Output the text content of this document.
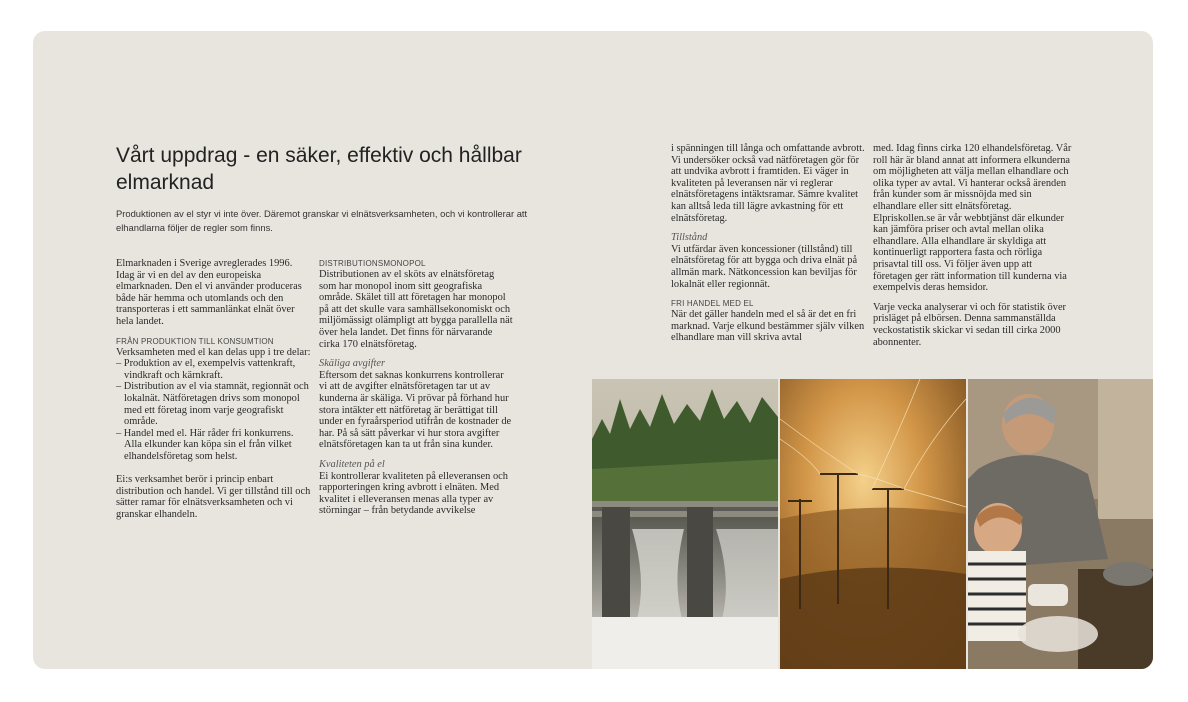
Vårt uppdrag - en säker, effektiv och hållbar elmarknad

Produktionen av el styr vi inte över. Däremot granskar vi elnätsverksamheten, och vi kontrollerar att elhandlarna följer de regler som finns.

Elmarknaden i Sverige avreglerades 1996. Idag är vi en del av den europeiska elmarknaden. Den el vi använder produceras både här hemma och utomlands och den transporteras i ett sammanlänkat elnät över hela landet.

FRÅN PRODUKTION TILL KONSUMTION

Verksamheten med el kan delas upp i tre delar:

– Produktion av el, exempelvis vattenkraft, vindkraft och kärnkraft.
– Distribution av el via stamnät, regionnät och lokalnät. Nätföretagen drivs som monopol med ett företag inom varje geografiskt område.
– Handel med el. Här råder fri konkurrens. Alla elkunder kan köpa sin el från vilket elhandelsföretag som helst.

Ei:s verksamhet berör i princip enbart distribution och handel. Vi ger tillstånd till och sätter ramar för elnätsverksamheten och vi granskar elhandeln.

DISTRIBUTIONSMONOPOL

Distributionen av el sköts av elnätsföretag som har monopol inom sitt geografiska område. Skälet till att företagen har monopol på att det skulle vara samhällsekonomiskt och miljömässigt olämpligt att bygga parallella nät över hela landet. Det finns för närvarande cirka 170 elnätsföretag.

Skäliga avgifter

Eftersom det saknas konkurrens kontrollerar vi att de avgifter elnätsföretagen tar ut av kunderna är skäliga. Vi prövar på förhand hur stora intäkter ett nätföretag är berättigat till under en fyraårsperiod utifrån de kostnader de har. På så sätt påverkar vi hur stora avgifter elnätsföretagen kan ta ut från sina kunder.

Kvaliteten på el

Ei kontrollerar kvaliteten på elleveransen och rapporteringen kring avbrott i elnäten. Med kvalitet i elleveransen menas alla typer av störningar – från betydande avvikelse

i spänningen till långa och omfattande avbrott. Vi undersöker också vad nätföretagen gör för att undvika avbrott i framtiden. Ei väger in kvaliteten på leveransen när vi reglerar elnätsföretagens intäktsramar. Sämre kvalitet kan alltså leda till lägre avkastning för ett elnätsföretag.

Tillstånd

Vi utfärdar även koncessioner (tillstånd) till elnätsföretag för att bygga och driva elnät på allmän mark. Nätkoncession kan beviljas för lokalnät eller regionnät.

FRI HANDEL MED EL

När det gäller handeln med el så är det en fri marknad. Varje elkund bestämmer själv vilken elhandlare man vill skriva avtal

med. Idag finns cirka 120 elhandelsföretag. Vår roll här är bland annat att informera elkunderna om möjligheten att välja mellan elhandlare och olika typer av avtal. Vi hanterar också ärenden från kunder som är missnöjda med sin elhandlare eller sitt elnätsföretag. Elpriskollen.se är vår webbtjänst där elkunder kan jämföra priser och avtal mellan olika elhandlare. Alla elhandlare är skyldiga att kontinuerligt rapportera fasta och rörliga prisavtal till oss. Vi följer även upp att företagen ger rätt information till kunderna via exempelvis deras hemsidor.

Varje vecka analyserar vi och för statistik över prisläget på elbörsen. Denna sammanställda veckostatistik skickar vi sedan till cirka 2000 abonnenter.
